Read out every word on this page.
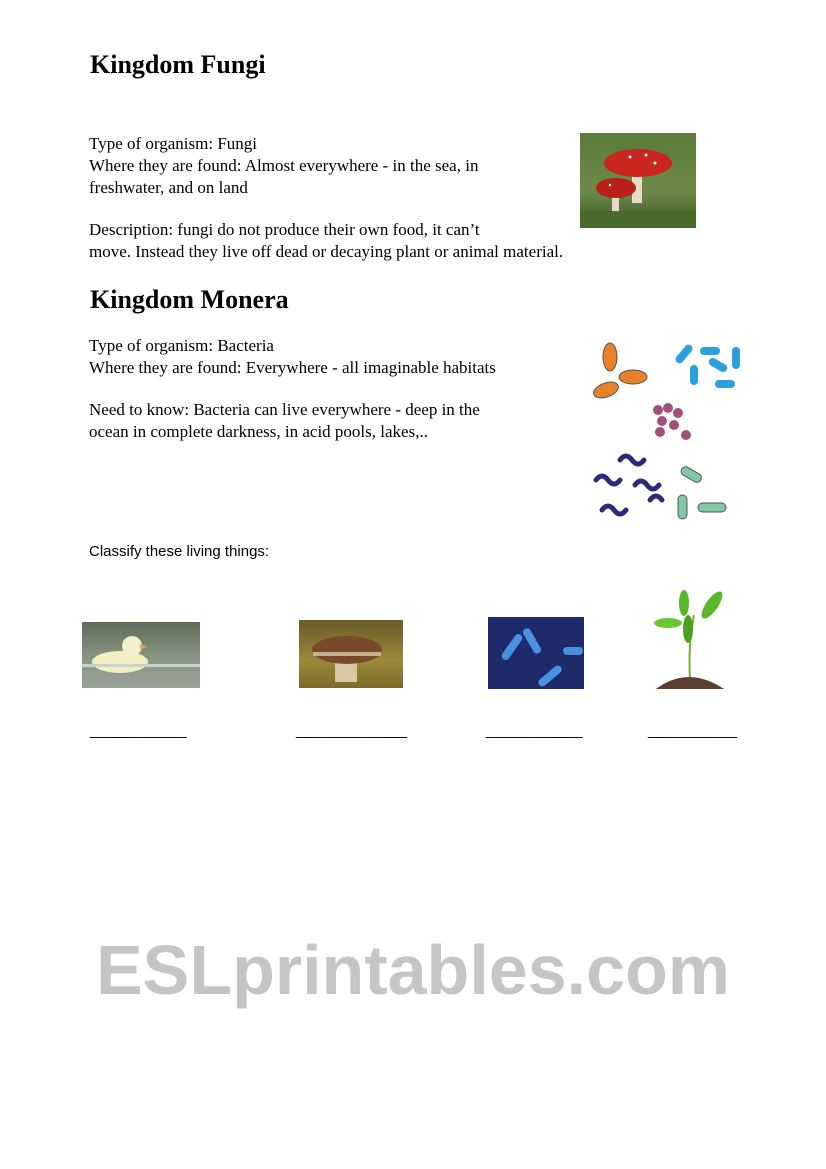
ESLprintables.com
Kingdom Fungi
Type of organism: Fungi
Where they are found: Almost everywhere - in the sea, in
freshwater, and on land
Description: fungi do not produce their own food, it can’t
move. Instead they live off dead or decaying plant or animal material.
Kingdom Monera
Type of organism: Bacteria
Where they are found: Everywhere - all imaginable habitats
Need to know: Bacteria can live everywhere - deep in the
ocean in complete darkness, in acid pools, lakes,..
Classify these living things:
_____________	_______________	_____________	____________
